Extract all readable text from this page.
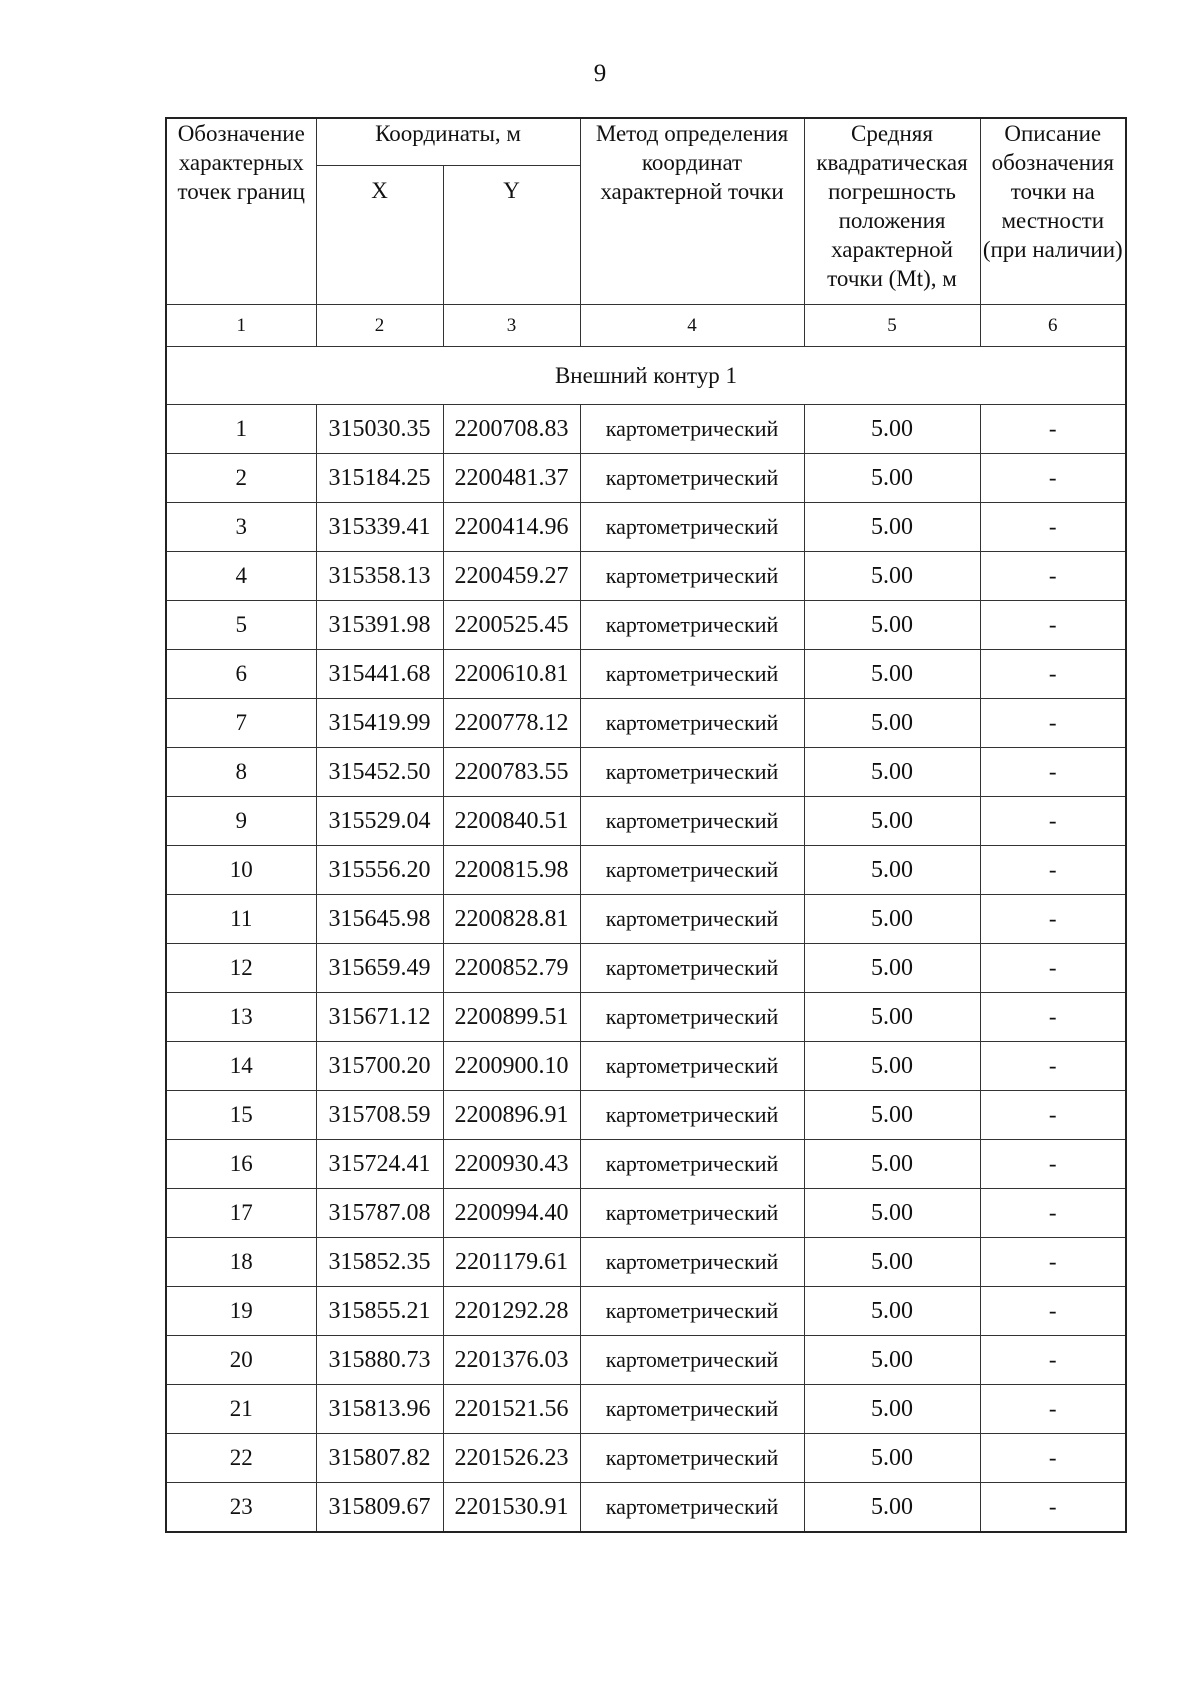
9
Обозначение характерных точек границ	Координаты, м		Метод определения координат характерной точки	Средняя квадратическая погрешность положения характерной точки (Mt), м	Описание обозначения точки на местности (при наличии)
	X	Y			
1	2	3	4	5	6
Внешний контур 1					
1	315030.35	2200708.83	картометрический	5.00	-
2	315184.25	2200481.37	картометрический	5.00	-
3	315339.41	2200414.96	картометрический	5.00	-
4	315358.13	2200459.27	картометрический	5.00	-
5	315391.98	2200525.45	картометрический	5.00	-
6	315441.68	2200610.81	картометрический	5.00	-
7	315419.99	2200778.12	картометрический	5.00	-
8	315452.50	2200783.55	картометрический	5.00	-
9	315529.04	2200840.51	картометрический	5.00	-
10	315556.20	2200815.98	картометрический	5.00	-
11	315645.98	2200828.81	картометрический	5.00	-
12	315659.49	2200852.79	картометрический	5.00	-
13	315671.12	2200899.51	картометрический	5.00	-
14	315700.20	2200900.10	картометрический	5.00	-
15	315708.59	2200896.91	картометрический	5.00	-
16	315724.41	2200930.43	картометрический	5.00	-
17	315787.08	2200994.40	картометрический	5.00	-
18	315852.35	2201179.61	картометрический	5.00	-
19	315855.21	2201292.28	картометрический	5.00	-
20	315880.73	2201376.03	картометрический	5.00	-
21	315813.96	2201521.56	картометрический	5.00	-
22	315807.82	2201526.23	картометрический	5.00	-
23	315809.67	2201530.91	картометрический	5.00	-
